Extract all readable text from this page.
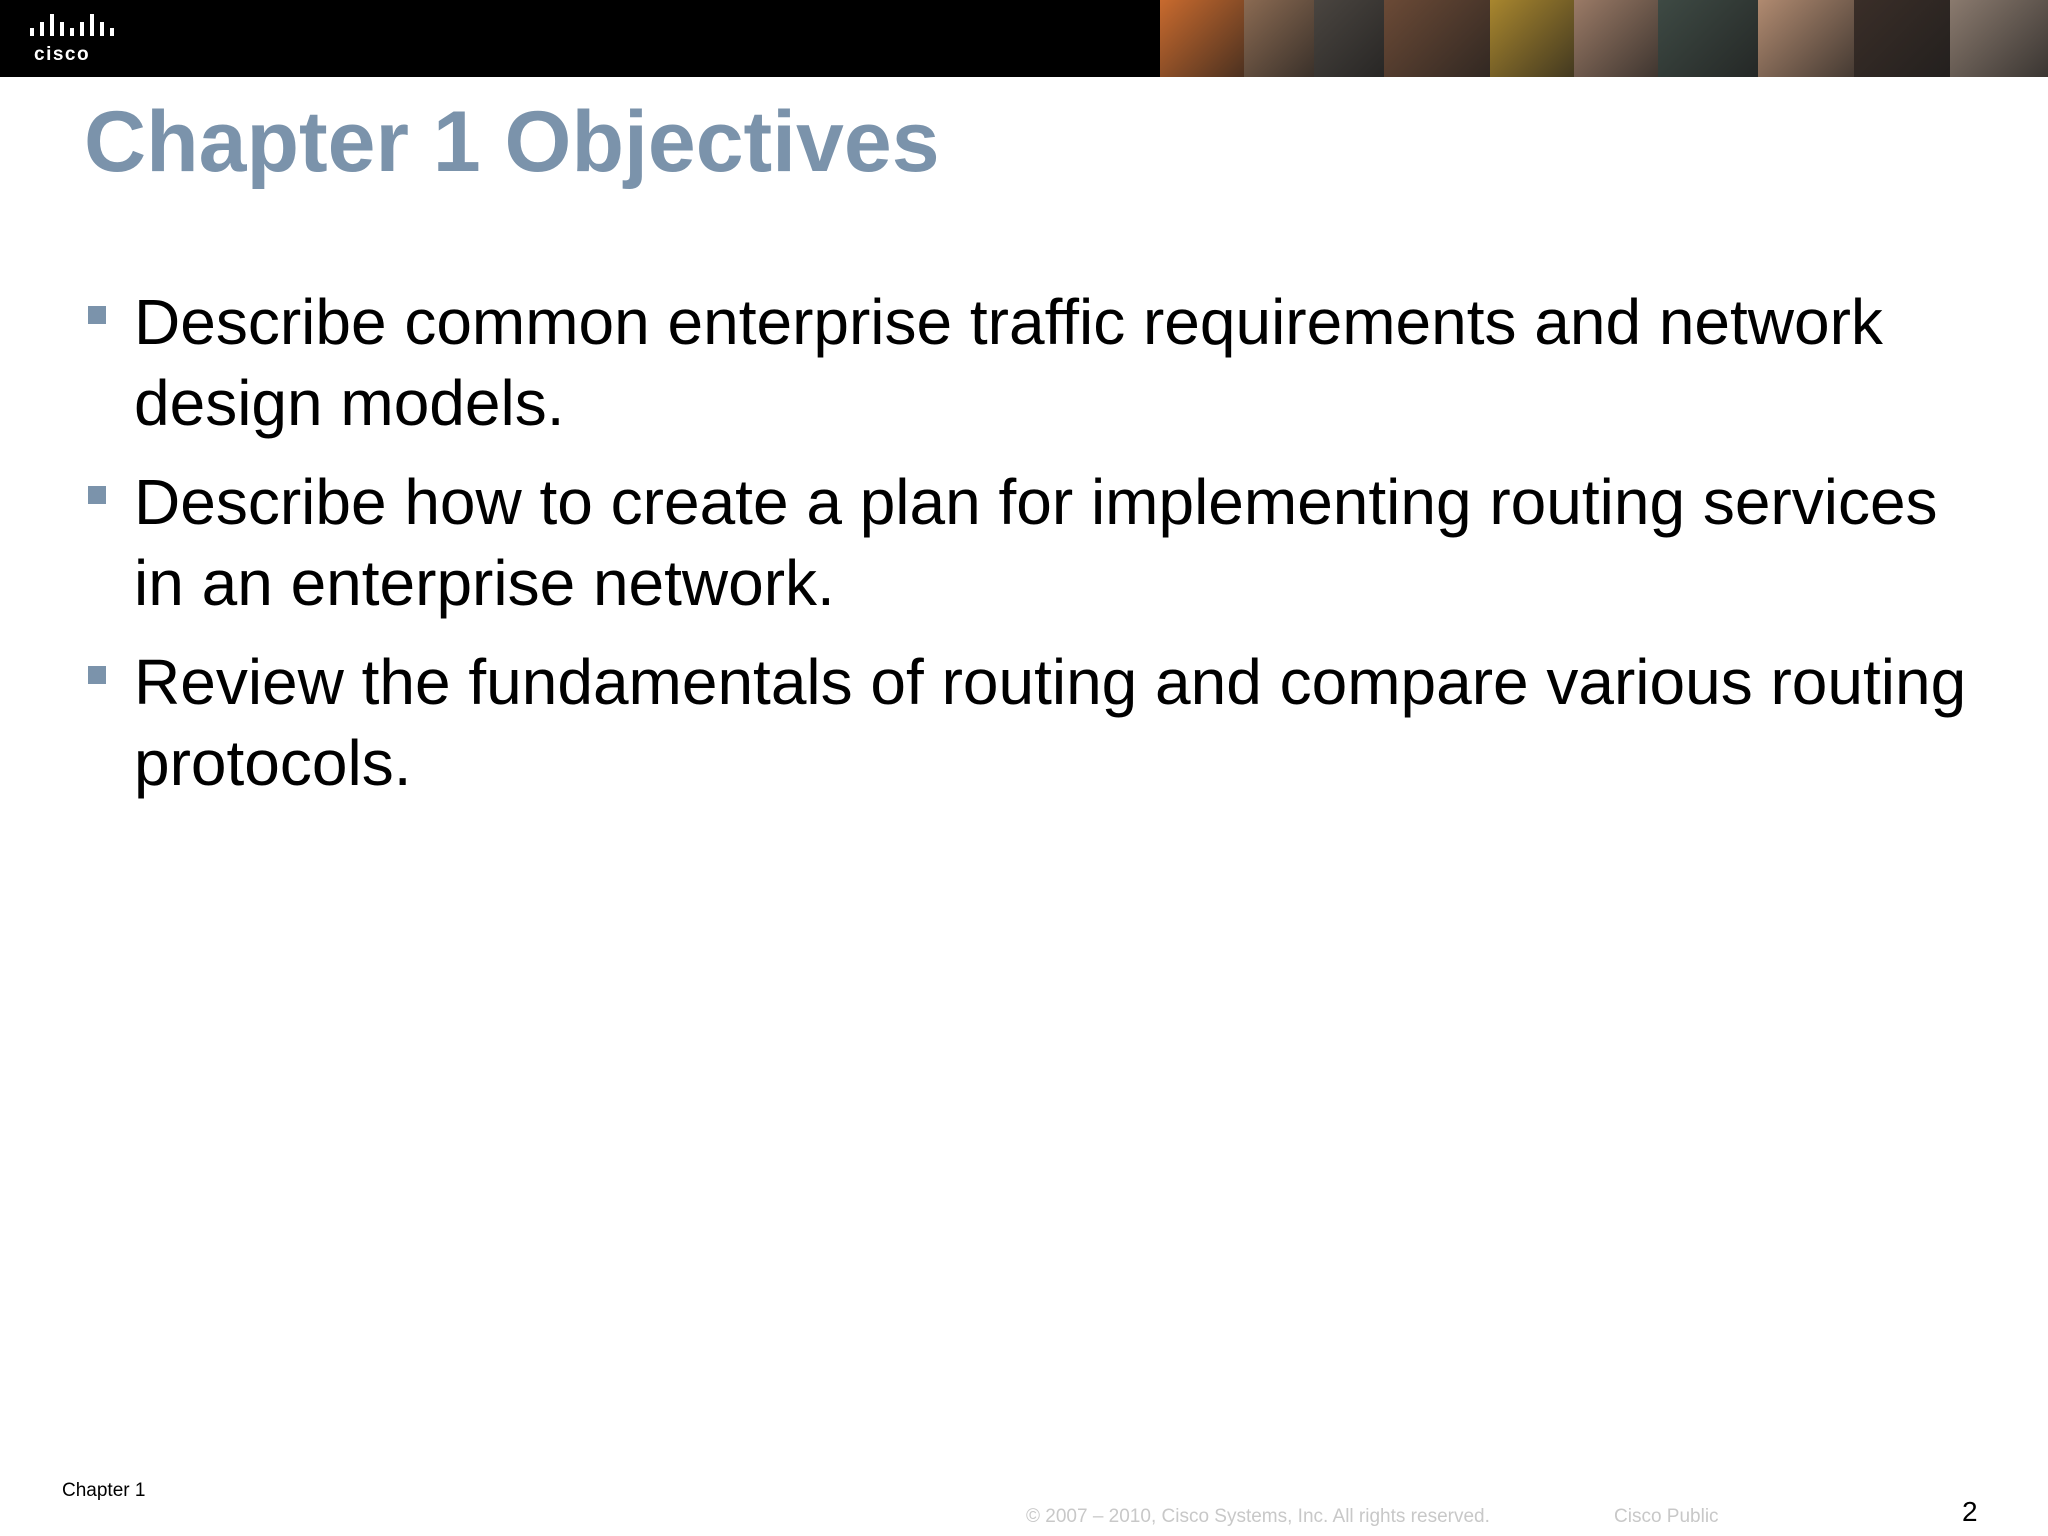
cisco
Chapter 1 Objectives
Describe common enterprise traffic requirements and network design models.
Describe how to create a plan for implementing routing services in an enterprise network.
Review the fundamentals of routing and compare various routing protocols.
Chapter 1
© 2007 – 2010, Cisco Systems, Inc. All rights reserved.	Cisco Public	2
